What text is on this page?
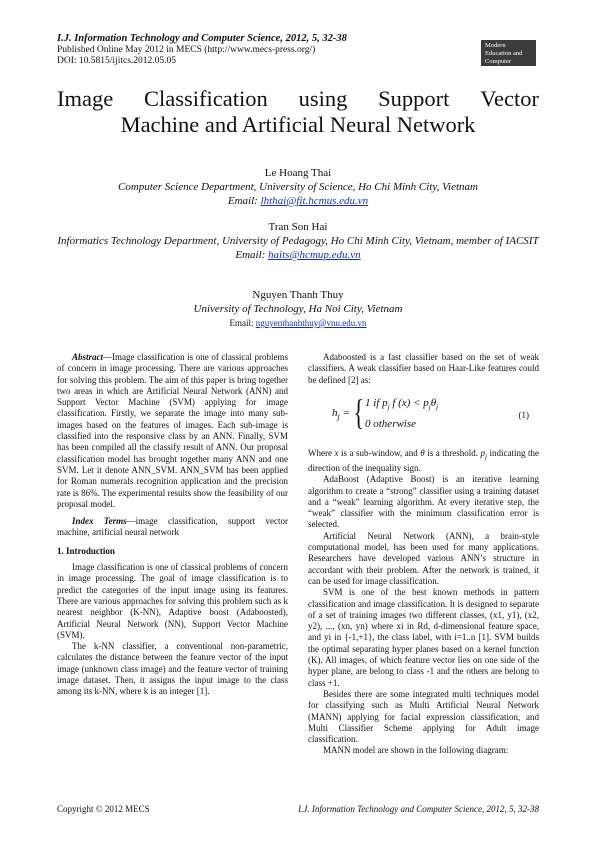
I.J. Information Technology and Computer Science, 2012, 5, 32-38
Published Online May 2012 in MECS (http://www.mecs-press.org/)
DOI: 10.5815/ijitcs.2012.05.05
Modern Education and Computer Science
PRESS
Image Classification using Support Vector
Machine and Artificial Neural Network
Le Hoang Thai
Computer Science Department, University of Science, Ho Chi Minh City, Vietnam
Email: lhthai@fit.hcmus.edu.vn
Tran Son Hai
Informatics Technology Department, University of Pedagogy, Ho Chi Minh City, Vietnam, member of IACSIT
Email: haits@hcmup.edu.vn
Nguyen Thanh Thuy
University of Technology, Ha Noi City, Vietnam
Email: nguyenthanhthuy@vnu.edu.vn

Abstract—Image classification is one of classical problems of concern in image processing. There are various approaches for solving this problem. The aim of this paper is bring together two areas in which are Artificial Neural Network (ANN) and Support Vector Machine (SVM) applying for image classification. Firstly, we separate the image into many sub-images based on the features of images. Each sub-image is classified into the responsive class by an ANN. Finally, SVM has been compiled all the classify result of ANN. Our proposal classification model has brought together many ANN and one SVM. Let it denote ANN_SVM. ANN_SVM has been applied for Roman numerals recognition application and the precision rate is 86%. The experimental results show the feasibility of our proposal model.

Index Terms—image classification, support vector machine, artificial neural network

1. Introduction

Image classification is one of classical problems of concern in image processing. The goal of image classification is to predict the categories of the input image using its features. There are various approaches for solving this problem such as k nearest neighbor (K-NN), Adaptive boost (Adaboosted), Artificial Neural Network (NN), Support Vector Machine (SVM).

The k-NN classifier, a conventional non-parametric, calculates the distance between the feature vector of the input image (unknown class image) and the feature vector of training image dataset. Then, it assigns the input image to the class among its k-NN, where k is an integer [1].

Adaboosted is a fast classifier based on the set of weak classifiers. A weak classifier based on Haar-Like features could be defined [2] as:

$h_j$ = { 1 if $p_j$ f $(x) < p_j\theta_j$
0 otherwise
(1)

Where x is a sub-window, and θ is a threshold. $p_j$ indicating the direction of the inequality sign.

AdaBoost (Adaptive Boost) is an iterative learning algorithm to create a “strong” classifier using a training dataset and a “weak” learning algorithm. At every iterative step, the “weak” classifier with the minimum classification error is selected.

Artificial Neural Network (ANN), a brain-style computational model, has been used for many applications. Researchers have developed various ANN’s structure in accordant with their problem. After the network is trained, it can be used for image classification.

SVM is one of the best known methods in pattern classification and image classification. It is designed to separate of a set of training images two different classes, (x1, y1), (x2, y2), ..., (xn, yn) where xi in Rd, d-dimensional feature space, and yi in {-1,+1}, the class label, with i=1..n [1]. SVM builds the optimal separating hyper planes based on a kernel function (K). All images, of which feature vector lies on one side of the hyper plane, are belong to class -1 and the others are belong to class +1.

Besides there are some integrated multi techniques model for classifying such as Multi Artificial Neural Network (MANN) applying for facial expression classification, and Multi Classifier Scheme applying for Adult image classification.

MANN model are shown in the following diagram:

Copyright © 2012 MECS	I.J. Information Technology and Computer Science, 2012, 5, 32-38
